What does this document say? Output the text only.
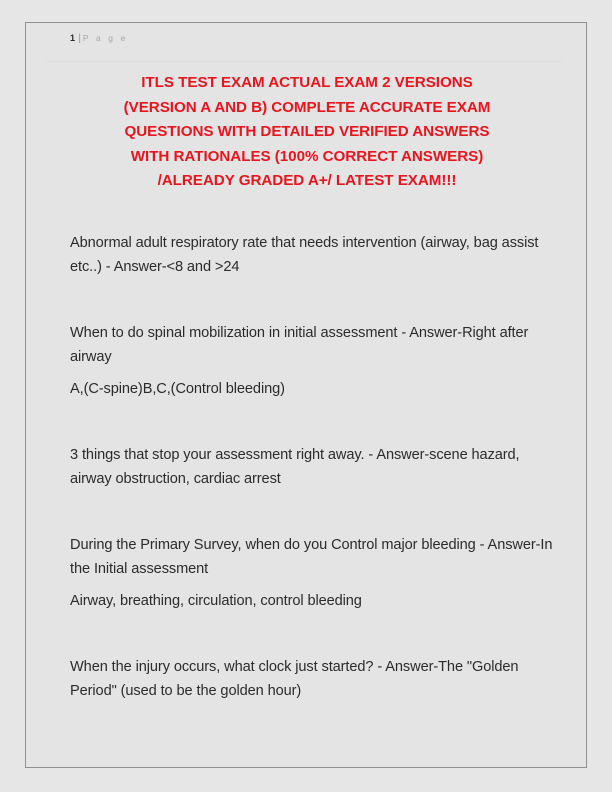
1 | P a g e
ITLS TEST EXAM ACTUAL EXAM 2 VERSIONS
(VERSION A AND B) COMPLETE ACCURATE EXAM
QUESTIONS WITH DETAILED VERIFIED ANSWERS
WITH RATIONALES (100% CORRECT ANSWERS)
/ALREADY GRADED A+/ LATEST EXAM!!!

Abnormal adult respiratory rate that needs intervention (airway, bag assist etc..) - Answer-<8 and >24

When to do spinal mobilization in initial assessment - Answer-Right after airway

A,(C-spine)B,C,(Control bleeding)

3 things that stop your assessment right away. - Answer-scene hazard, airway obstruction, cardiac arrest

During the Primary Survey, when do you Control major bleeding - Answer-In the Initial assessment

Airway, breathing, circulation, control bleeding

When the injury occurs, what clock just started? - Answer-The "Golden Period" (used to be the golden hour)
